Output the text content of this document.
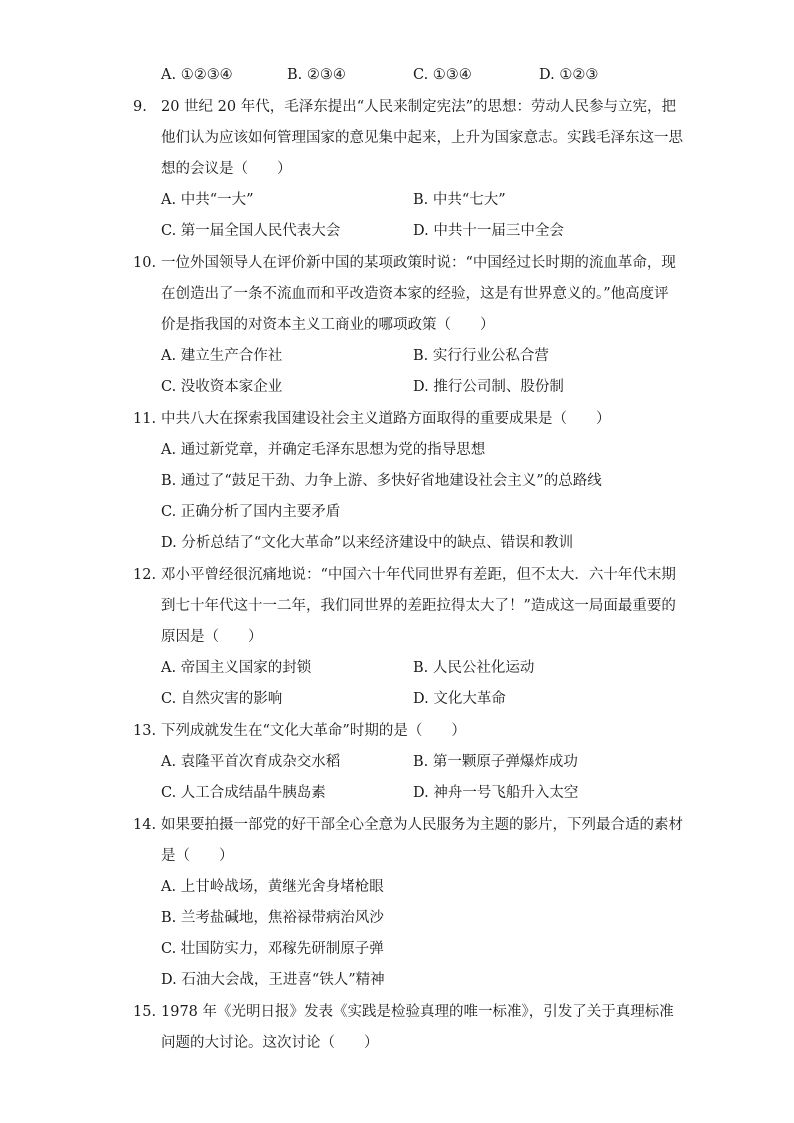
A. ①②③④	B. ②③④	C. ①③④	D. ①②③
9. 20 世纪 20 年代，毛泽东提出“人民来制定宪法”的思想：劳动人民参与立宪，把
他们认为应该如何管理国家的意见集中起来，上升为国家意志。实践毛泽东这一思
想的会议是（　　）
A. 中共“一大”	B. 中共“七大”
C. 第一届全国人民代表大会	D. 中共十一届三中全会
10. 一位外国领导人在评价新中国的某项政策时说：“中国经过长时期的流血革命，现
在创造出了一条不流血而和平改造资本家的经验，这是有世界意义的。”他高度评
价是指我国的对资本主义工商业的哪项政策（　　）
A. 建立生产合作社	B. 实行行业公私合营
C. 没收资本家企业	D. 推行公司制、股份制
11. 中共八大在探索我国建设社会主义道路方面取得的重要成果是（　　）
A. 通过新党章，并确定毛泽东思想为党的指导思想
B. 通过了“鼓足干劲、力争上游、多快好省地建设社会主义”的总路线
C. 正确分析了国内主要矛盾
D. 分析总结了“文化大革命”以来经济建设中的缺点、错误和教训
12. 邓小平曾经很沉痛地说：“中国六十年代同世界有差距，但不太大．六十年代末期
到七十年代这十一二年，我们同世界的差距拉得太大了！”造成这一局面最重要的
原因是（　　）
A. 帝国主义国家的封锁	B. 人民公社化运动
C. 自然灾害的影响	D. 文化大革命
13. 下列成就发生在“文化大革命”时期的是（　　）
A. 袁隆平首次育成杂交水稻	B. 第一颗原子弹爆炸成功
C. 人工合成结晶牛胰岛素	D. 神舟一号飞船升入太空
14. 如果要拍摄一部党的好干部全心全意为人民服务为主题的影片，下列最合适的素材
是（　　）
A. 上甘岭战场，黄继光舍身堵枪眼
B. 兰考盐碱地，焦裕禄带病治风沙
C. 壮国防实力，邓稼先研制原子弹
D. 石油大会战，王进喜“铁人”精神
15. 1978 年《光明日报》发表《实践是检验真理的唯一标准》，引发了关于真理标准
问题的大讨论。这次讨论（　　）
